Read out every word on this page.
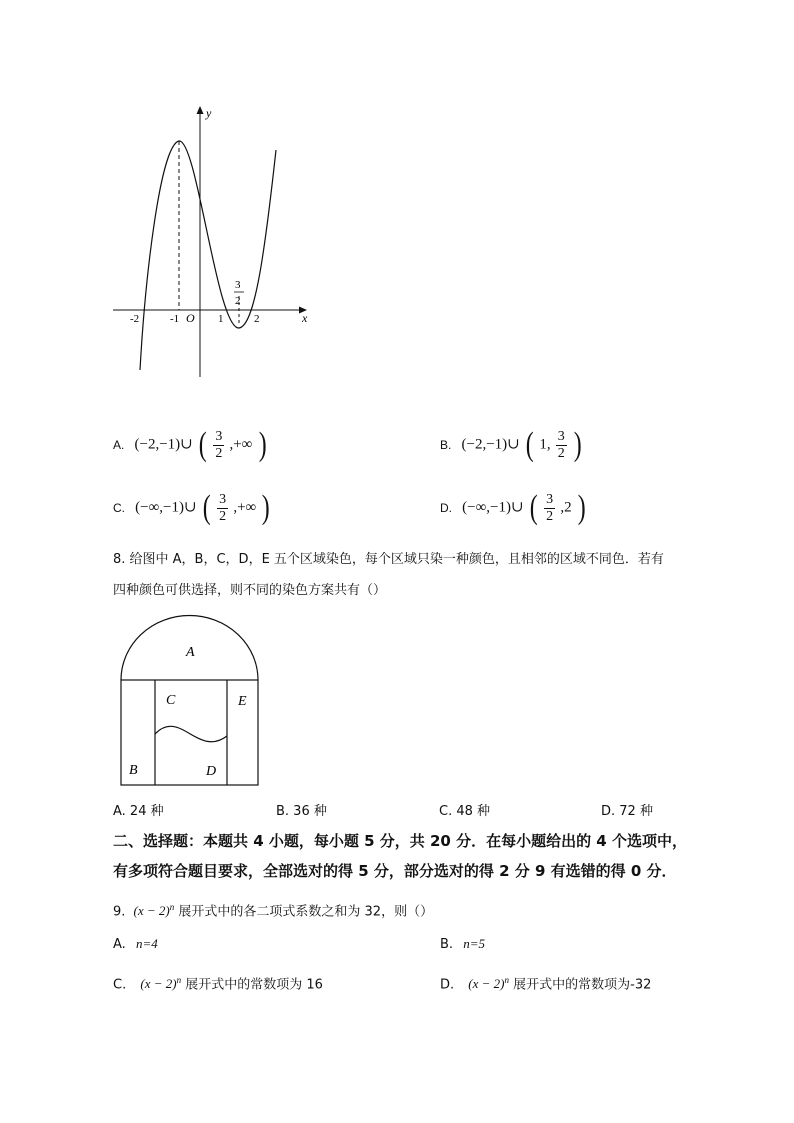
y
x
O
-2	-1	1	2
3
2
A. (−2,−1)∪ ( $\frac{3}{2}$ ,+∞ )	B. (−2,−1)∪ ( 1, $\frac{3}{2}$ )
C. (−∞,−1)∪ ( $\frac{3}{2}$ ,+∞ )	D. (−∞,−1)∪ ( $\frac{3}{2} ,2$ )
8. 给图中 A，B，C，D，E 五个区域染色，每个区域只染一种颜色，且相邻的区域不同色．若有
四种颜色可供选择，则不同的染色方案共有（）
A
B
C
D
E
A. 24 种	B. 36 种	C. 48 种	D. 72 种
二、选择题：本题共 4 小题，每小题 5 分，共 20 分．在每小题给出的 4 个选项中，
有多项符合题目要求，全部选对的得 5 分，部分选对的得 2 分 9 有选错的得 0 分．
9. $(x - 2)^n$ 展开式中的各二项式系数之和为 32，则（）
A. n=4	B. n=5
C. $(x - 2)^n$ 展开式中的常数项为 16	D. $(x - 2)^n$ 展开式中的常数项为-32
